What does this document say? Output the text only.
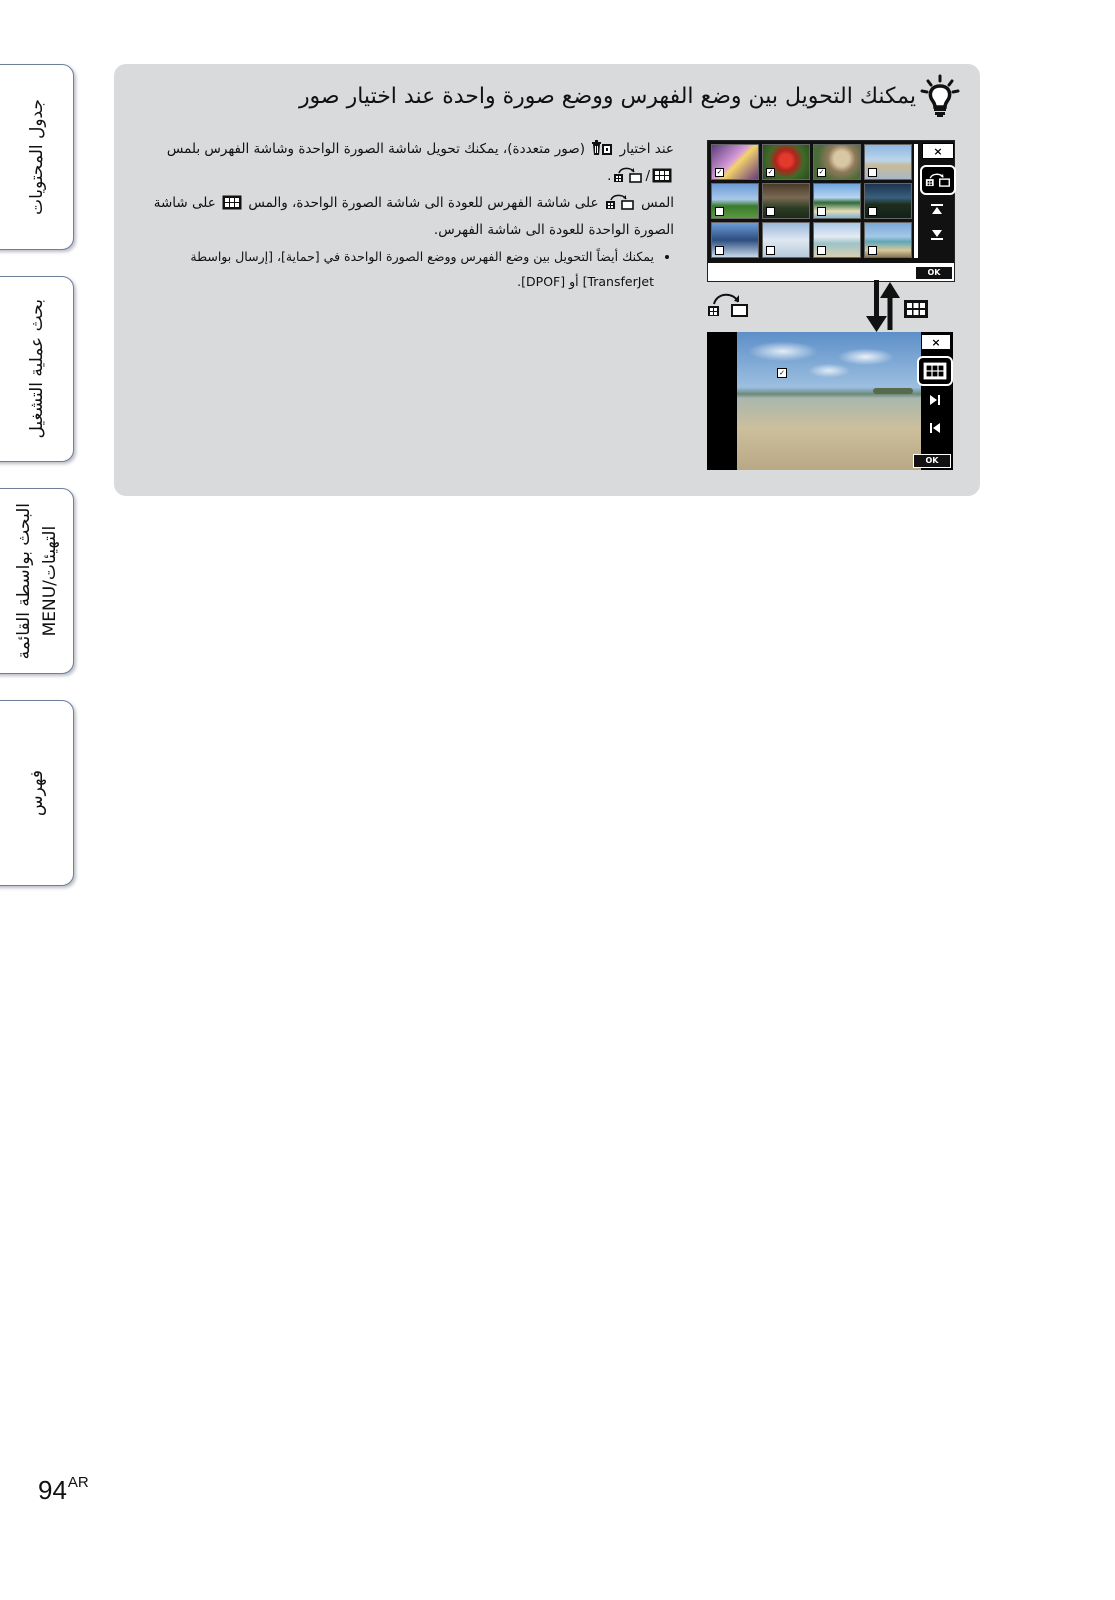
جدول المحتويات
بحث عملية التشغيل
البحث بواسطة القائمة
MENU/التهيئات
فهرس
يمكنك التحويل بين وضع الفهرس ووضع صورة واحدة عند اختيار صور

عند اختيار
(صور متعددة)، يمكنك تحويل شاشة الصورة الواحدة وشاشة الفهرس بلمس

/
.

المس
على شاشة الفهرس للعودة الى شاشة الصورة الواحدة، والمس
على شاشة الصورة الواحدة للعودة الى شاشة الفهرس.

• يمكنك أيضاً التحويل بين وضع الفهرس ووضع الصورة الواحدة في [حماية]، [إرسال بواسطة TransferJet] أو [DPOF].
✓	✓	✓
×
OK
✓
×
OK
$94^{AR}$
